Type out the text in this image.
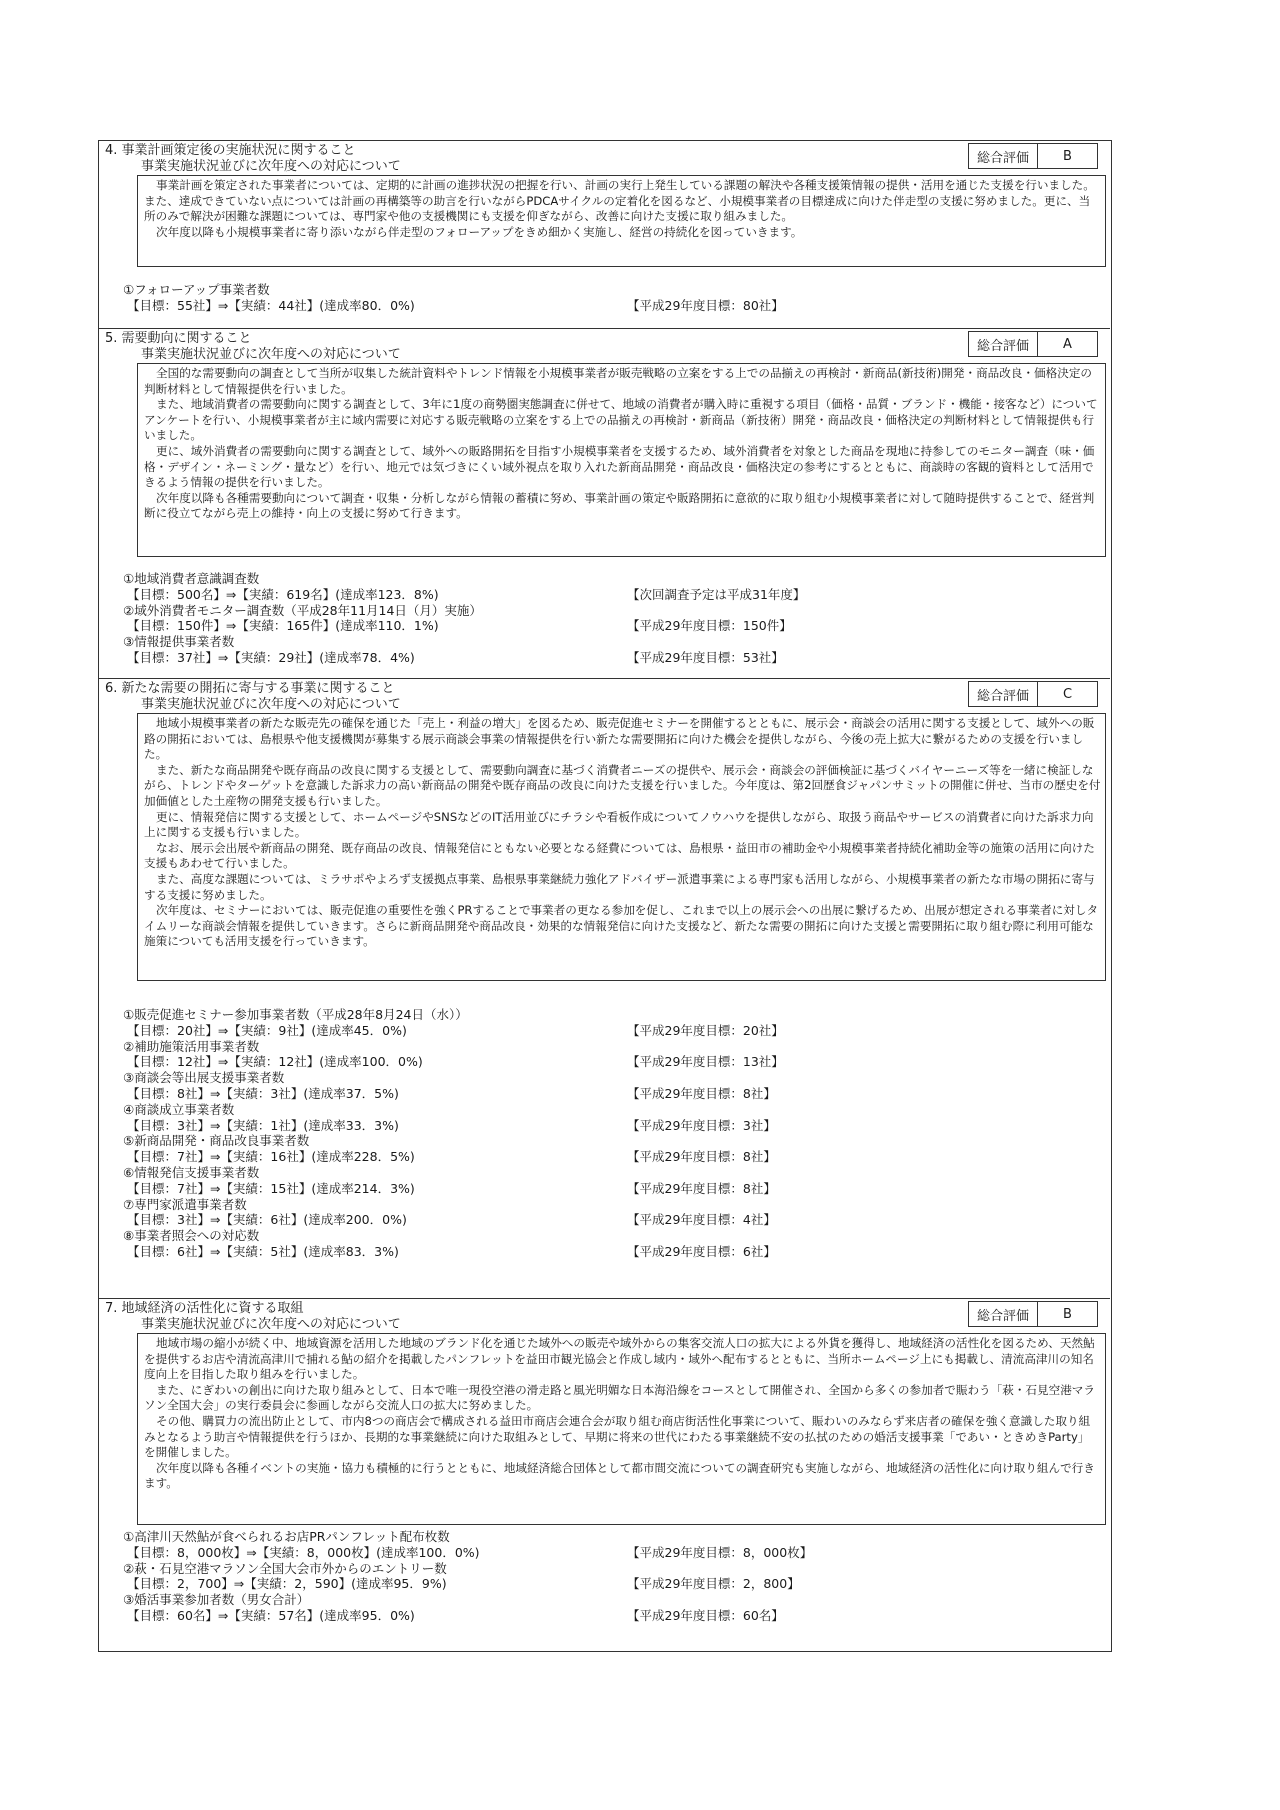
4. 事業計画策定後の実施状況に関すること
事業実施状況並びに次年度への対応について
総合評価	B

事業計画を策定された事業者については、定期的に計画の進捗状況の把握を行い、計画の実行上発生している課題の解決や各種支援策情報の提供・活用を通じた支援を行いました。また、達成できていない点については計画の再構築等の助言を行いながらPDCAサイクルの定着化を図るなど、小規模事業者の目標達成に向けた伴走型の支援に努めました。更に、当所のみで解決が困難な課題については、専門家や他の支援機関にも支援を仰ぎながら、改善に向けた支援に取り組みました。

次年度以降も小規模事業者に寄り添いながら伴走型のフォローアップをきめ細かく実施し、経営の持続化を図っていきます。

①フォローアップ事業者数
【目標：55社】⇒【実績：44社】(達成率80．0%)	【平成29年度目標：80社】
5. 需要動向に関すること
事業実施状況並びに次年度への対応について
総合評価	A

全国的な需要動向の調査として当所が収集した統計資料やトレンド情報を小規模事業者が販売戦略の立案をする上での品揃えの再検討・新商品(新技術)開発・商品改良・価格決定の判断材料として情報提供を行いました。

また、地域消費者の需要動向に関する調査として、3年に1度の商勢圏実態調査に併せて、地域の消費者が購入時に重視する項目（価格・品質・ブランド・機能・接客など）についてアンケートを行い、小規模事業者が主に域内需要に対応する販売戦略の立案をする上での品揃えの再検討・新商品（新技術）開発・商品改良・価格決定の判断材料として情報提供も行いました。

更に、域外消費者の需要動向に関する調査として、域外への販路開拓を目指す小規模事業者を支援するため、域外消費者を対象とした商品を現地に持参してのモニター調査（味・価格・デザイン・ネーミング・量など）を行い、地元では気づきにくい域外視点を取り入れた新商品開発・商品改良・価格決定の参考にするとともに、商談時の客観的資料として活用できるよう情報の提供を行いました。

次年度以降も各種需要動向について調査・収集・分析しながら情報の蓄積に努め、事業計画の策定や販路開拓に意欲的に取り組む小規模事業者に対して随時提供することで、経営判断に役立てながら売上の維持・向上の支援に努めて行きます。

①地域消費者意識調査数
【目標：500名】⇒【実績：619名】(達成率123．8%)	【次回調査予定は平成31年度】
②域外消費者モニター調査数（平成28年11月14日（月）実施）
【目標：150件】⇒【実績：165件】(達成率110．1%)	【平成29年度目標：150件】
③情報提供事業者数
【目標：37社】⇒【実績：29社】(達成率78．4%)	【平成29年度目標：53社】
6. 新たな需要の開拓に寄与する事業に関すること
事業実施状況並びに次年度への対応について
総合評価	C

地域小規模事業者の新たな販売先の確保を通じた「売上・利益の増大」を図るため、販売促進セミナーを開催するとともに、展示会・商談会の活用に関する支援として、域外への販路の開拓においては、島根県や他支援機関が募集する展示商談会事業の情報提供を行い新たな需要開拓に向けた機会を提供しながら、今後の売上拡大に繋がるための支援を行いました。

また、新たな商品開発や既存商品の改良に関する支援として、需要動向調査に基づく消費者ニーズの提供や、展示会・商談会の評価検証に基づくバイヤーニーズ等を一緒に検証しながら、トレンドやターゲットを意識した訴求力の高い新商品の開発や既存商品の改良に向けた支援を行いました。今年度は、第2回歴食ジャパンサミットの開催に併せ、当市の歴史を付加価値とした土産物の開発支援も行いました。

更に、情報発信に関する支援として、ホームページやSNSなどのIT活用並びにチラシや看板作成についてノウハウを提供しながら、取扱う商品やサービスの消費者に向けた訴求力向上に関する支援も行いました。

なお、展示会出展や新商品の開発、既存商品の改良、情報発信にともない必要となる経費については、島根県・益田市の補助金や小規模事業者持続化補助金等の施策の活用に向けた支援もあわせて行いました。

また、高度な課題については、ミラサポやよろず支援拠点事業、島根県事業継続力強化アドバイザー派遣事業による専門家も活用しながら、小規模事業者の新たな市場の開拓に寄与する支援に努めました。

次年度は、セミナーにおいては、販売促進の重要性を強くPRすることで事業者の更なる参加を促し、これまで以上の展示会への出展に繋げるため、出展が想定される事業者に対しタイムリーな商談会情報を提供していきます。さらに新商品開発や商品改良・効果的な情報発信に向けた支援など、新たな需要の開拓に向けた支援と需要開拓に取り組む際に利用可能な施策についても活用支援を行っていきます。

①販売促進セミナー参加事業者数（平成28年8月24日（水））
【目標：20社】⇒【実績：9社】(達成率45．0%)	【平成29年度目標：20社】
②補助施策活用事業者数
【目標：12社】⇒【実績：12社】(達成率100．0%)	【平成29年度目標：13社】
③商談会等出展支援事業者数
【目標：8社】⇒【実績：3社】(達成率37．5%)	【平成29年度目標：8社】
④商談成立事業者数
【目標：3社】⇒【実績：1社】(達成率33．3%)	【平成29年度目標：3社】
⑤新商品開発・商品改良事業者数
【目標：7社】⇒【実績：16社】(達成率228．5%)	【平成29年度目標：8社】
⑥情報発信支援事業者数
【目標：7社】⇒【実績：15社】(達成率214．3%)	【平成29年度目標：8社】
⑦専門家派遣事業者数
【目標：3社】⇒【実績：6社】(達成率200．0%)	【平成29年度目標：4社】
⑧事業者照会への対応数
【目標：6社】⇒【実績：5社】(達成率83．3%)	【平成29年度目標：6社】
7. 地域経済の活性化に資する取組
事業実施状況並びに次年度への対応について
総合評価	B

地域市場の縮小が続く中、地域資源を活用した地域のブランド化を通じた域外への販売や域外からの集客交流人口の拡大による外貨を獲得し、地域経済の活性化を図るため、天然鮎を提供するお店や清流高津川で捕れる鮎の紹介を掲載したパンフレットを益田市観光協会と作成し域内・域外へ配布するとともに、当所ホームページ上にも掲載し、清流高津川の知名度向上を目指した取り組みを行いました。

また、にぎわいの創出に向けた取り組みとして、日本で唯一現役空港の滑走路と風光明媚な日本海沿線をコースとして開催され、全国から多くの参加者で賑わう「萩・石見空港マラソン全国大会」の実行委員会に参画しながら交流人口の拡大に努めました。

その他、購買力の流出防止として、市内8つの商店会で構成される益田市商店会連合会が取り組む商店街活性化事業について、賑わいのみならず来店者の確保を強く意識した取り組みとなるよう助言や情報提供を行うほか、長期的な事業継続に向けた取組みとして、早期に将来の世代にわたる事業継続不安の払拭のための婚活支援事業「であい・ときめきParty」を開催しました。

次年度以降も各種イベントの実施・協力も積極的に行うとともに、地域経済総合団体として都市間交流についての調査研究も実施しながら、地域経済の活性化に向け取り組んで行きます。

①高津川天然鮎が食べられるお店PRパンフレット配布枚数
【目標：8，000枚】⇒【実績：8，000枚】(達成率100．0%)	【平成29年度目標：8，000枚】
②萩・石見空港マラソン全国大会市外からのエントリー数
【目標：2，700】⇒【実績：2，590】(達成率95．9%)	【平成29年度目標：2，800】
③婚活事業参加者数（男女合計）
【目標：60名】⇒【実績：57名】(達成率95．0%)	【平成29年度目標：60名】
